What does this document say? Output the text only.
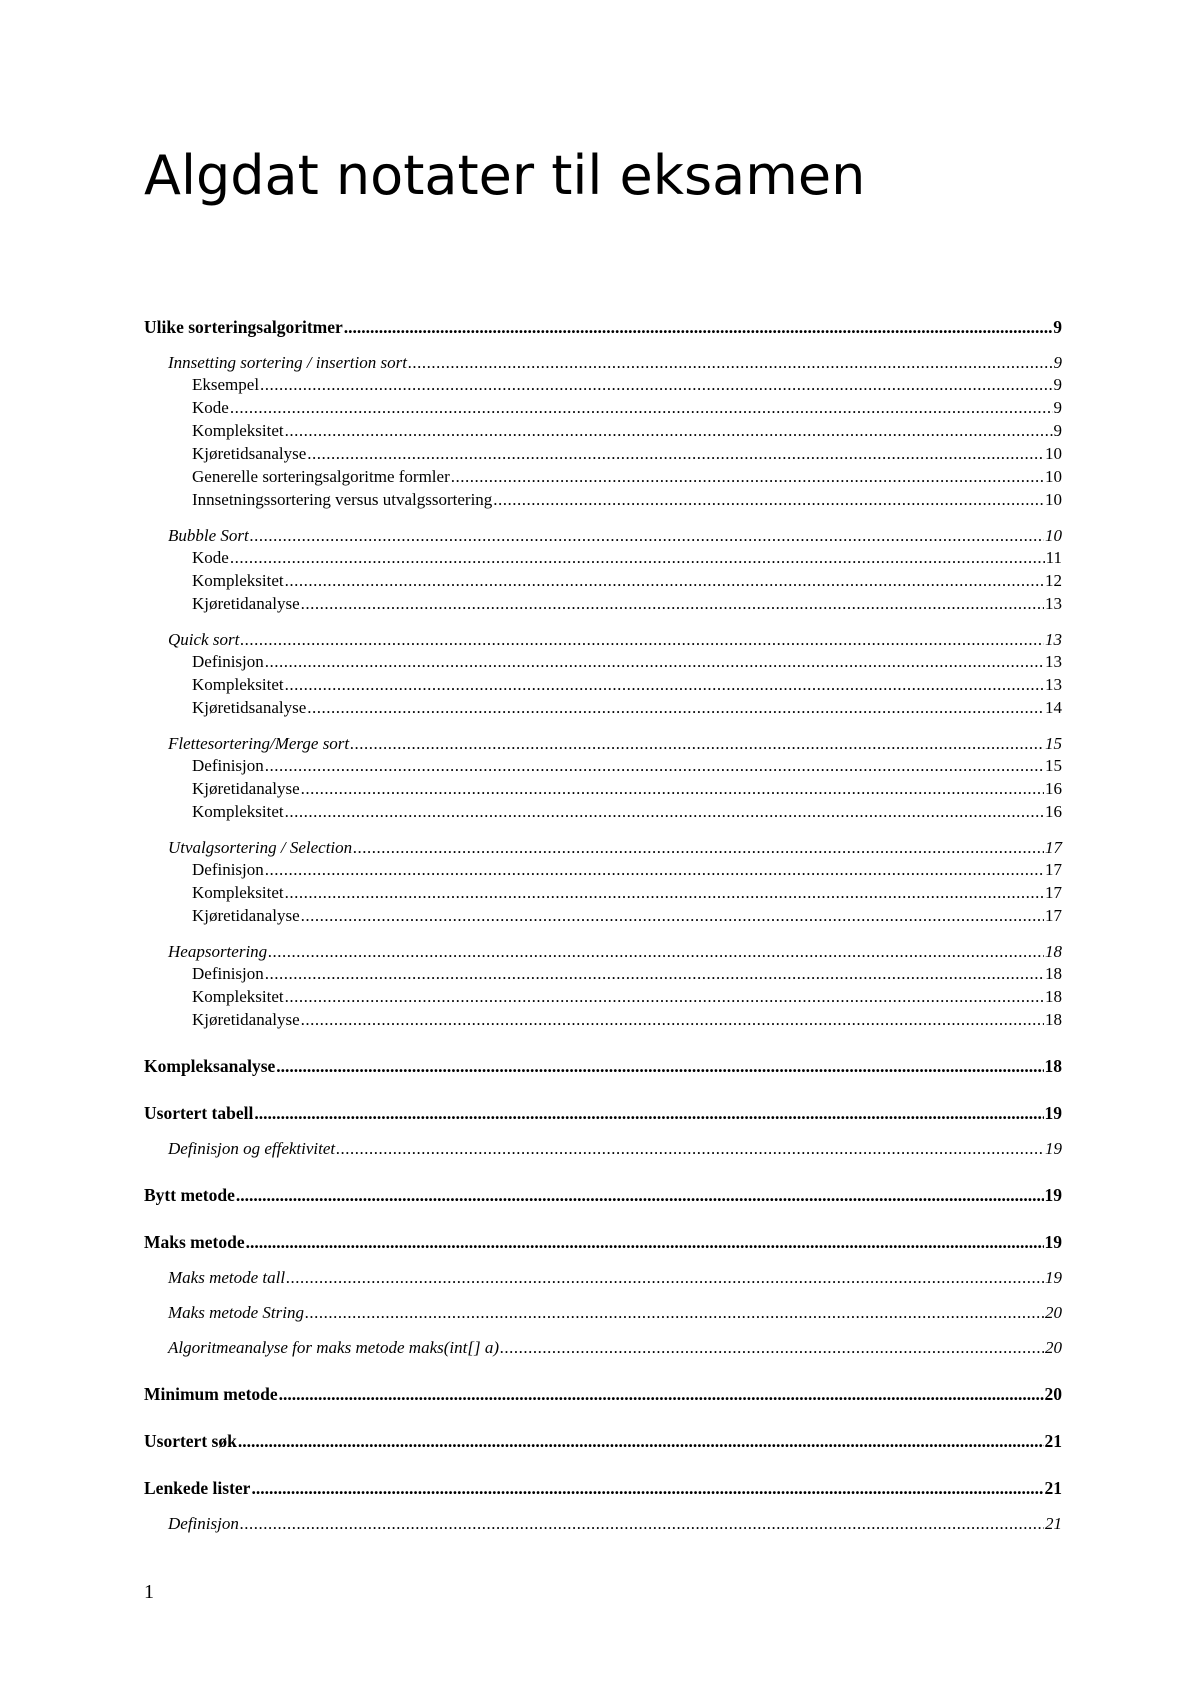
Algdat notater til eksamen
Ulike sorteringsalgoritmer .....	9
Innsetting sortering / insertion sort .....	9
Eksempel .....	9
Kode .....	9
Kompleksitet .....	9
Kjøretidsanalyse .....	10
Generelle sorteringsalgoritme formler .....	10
Innsetningssortering versus utvalgssortering .....	10
Bubble Sort .....	10
Kode .....	11
Kompleksitet .....	12
Kjøretidanalyse .....	13
Quick sort .....	13
Definisjon .....	13
Kompleksitet .....	13
Kjøretidsanalyse .....	14
Flettesortering/Merge sort .....	15
Definisjon .....	15
Kjøretidanalyse .....	16
Kompleksitet .....	16
Utvalgsortering / Selection .....	17
Definisjon .....	17
Kompleksitet .....	17
Kjøretidanalyse .....	17
Heapsortering .....	18
Definisjon .....	18
Kompleksitet .....	18
Kjøretidanalyse .....	18
Kompleksanalyse .....	18
Usortert tabell .....	19
Definisjon og effektivitet .....	19
Bytt metode .....	19
Maks metode .....	19
Maks metode tall .....	19
Maks metode String .....	20
Algoritmeanalyse for maks metode maks(int[] a) .....	20
Minimum metode .....	20
Usortert søk .....	21
Lenkede lister .....	21
Definisjon .....	21
1
